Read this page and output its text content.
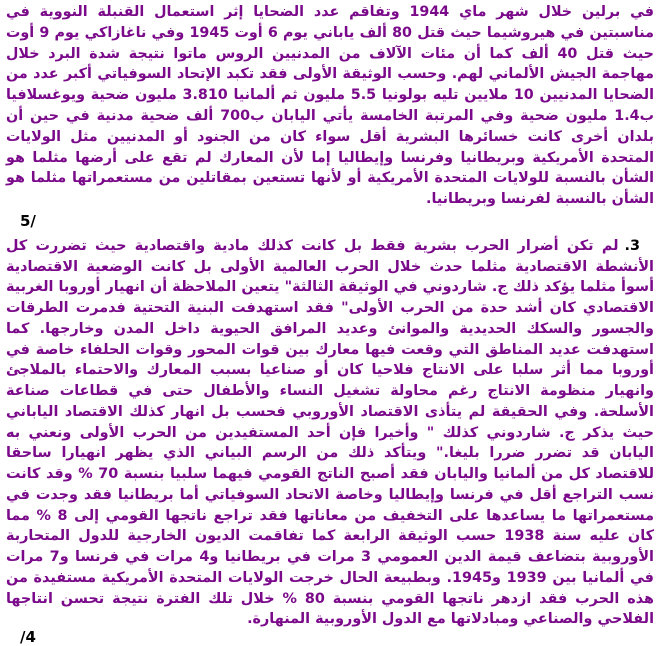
في برلين خلال شهر ماي 1944 وتفاقم عدد الضحايا إثر استعمال القنبلة النووية في مناسبتين في هيروشيما حيث قتل 80 ألف ياباني يوم 6 أوت 1945 وفي ناغازاكي يوم 9 أوت حيث قتل 40 ألف كما أن مئات الآلاف من المدنيين الروس ماتوا نتيجة شدة البرد خلال مهاجمة الجيش الألماني لهم. وحسب الوثيقة الأولى فقد تكبد الإتحاد السوفياتي أكبر عدد من الضحايا المدنيين 10 ملايين تليه بولونيا 5.5 مليون ثم ألمانيا 3.810 مليون ضحية ويوغسلافيا ب1.4 مليون ضحية وفي المرتبة الخامسة يأتي اليابان ب700 ألف ضحية مدنية في حين أن بلدان أخرى كانت خسائرها البشرية أقل سواء كان من الجنود أو المدنيين مثل الولايات المتحدة الأمريكية وبريطانيا وفرنسا وإيطاليا إما لأن المعارك لم تقع على أرضها مثلما هو الشأن بالنسبة للولايات المتحدة الأمريكية أو لأنها تستعين بمقاتلين من مستعمراتها مثلما هو الشأن بالنسبة لفرنسا وبريطانيا.

5/

3.لم تكن أضرار الحرب بشرية فقط بل كانت كذلك مادية واقتصادية حيث تضررت كل الأنشطة الاقتصادية مثلما حدث خلال الحرب العالمية الأولى بل كانت الوضعية الاقتصادية أسوأ مثلما يؤكد ذلك ج. شاردوني في الوثيقة الثالثة" يتعين الملاحظة أن انهيار أوروبا الغربية الاقتصادي كان أشد حدة من الحرب الأولى" فقد استهدفت البنية التحتية فدمرت الطرقات والجسور والسكك الحديدية والموانئ وعديد المرافق الحيوية داخل المدن وخارجها. كما استهدفت عديد المناطق التي وقعت فيها معارك بين قوات المحور وقوات الحلفاء خاصة في أوروبا مما أثر سلبا على الانتاج فلاحيا كان أو صناعيا بسبب المعارك والاحتماء بالملاجئ وانهيار منظومة الانتاج رغم محاولة تشغيل النساء والأطفال حتى في قطاعات صناعة الأسلحة. وفي الحقيقة لم يتأذى الاقتصاد الأوروبي فحسب بل انهار كذلك الاقتصاد الياباني حيث يذكر ج. شاردوني كذلك " وأخيرا فإن أحد المستفيدين من الحرب الأولى ونعني به اليابان قد تضرر ضررا بليغا." ويتأكد ذلك من الرسم البياني الذي يظهر انهيارا ساحقا للاقتصاد كل من ألمانيا واليابان فقد أصبح الناتج القومي فيهما سلبيا بنسبة 70 % وقد كانت نسب التراجع أقل في فرنسا وإيطاليا وخاصة الاتحاد السوفياتي أما بريطانيا فقد وجدت في مستعمراتها ما يساعدها على التخفيف من معاناتها فقد تراجع ناتجها القومي إلى 8 % مما كان عليه سنة 1938 حسب الوثيقة الرابعة كما تفاقمت الديون الخارجية للدول المتحاربة الأوروبية بتضاعف قيمة الدين العمومي 3 مرات في بريطانيا و4 مرات في فرنسا و7 مرات في ألمانيا بين 1939 و1945. وبطبيعة الحال خرجت الولايات المتحدة الأمريكية مستفيدة من هذه الحرب فقد ازدهر ناتجها القومي بنسبة 80 % خلال تلك الفترة نتيجة تحسن انتاجها الفلاحي والصناعي ومبادلاتها مع الدول الأوروبية المنهارة.

/4
